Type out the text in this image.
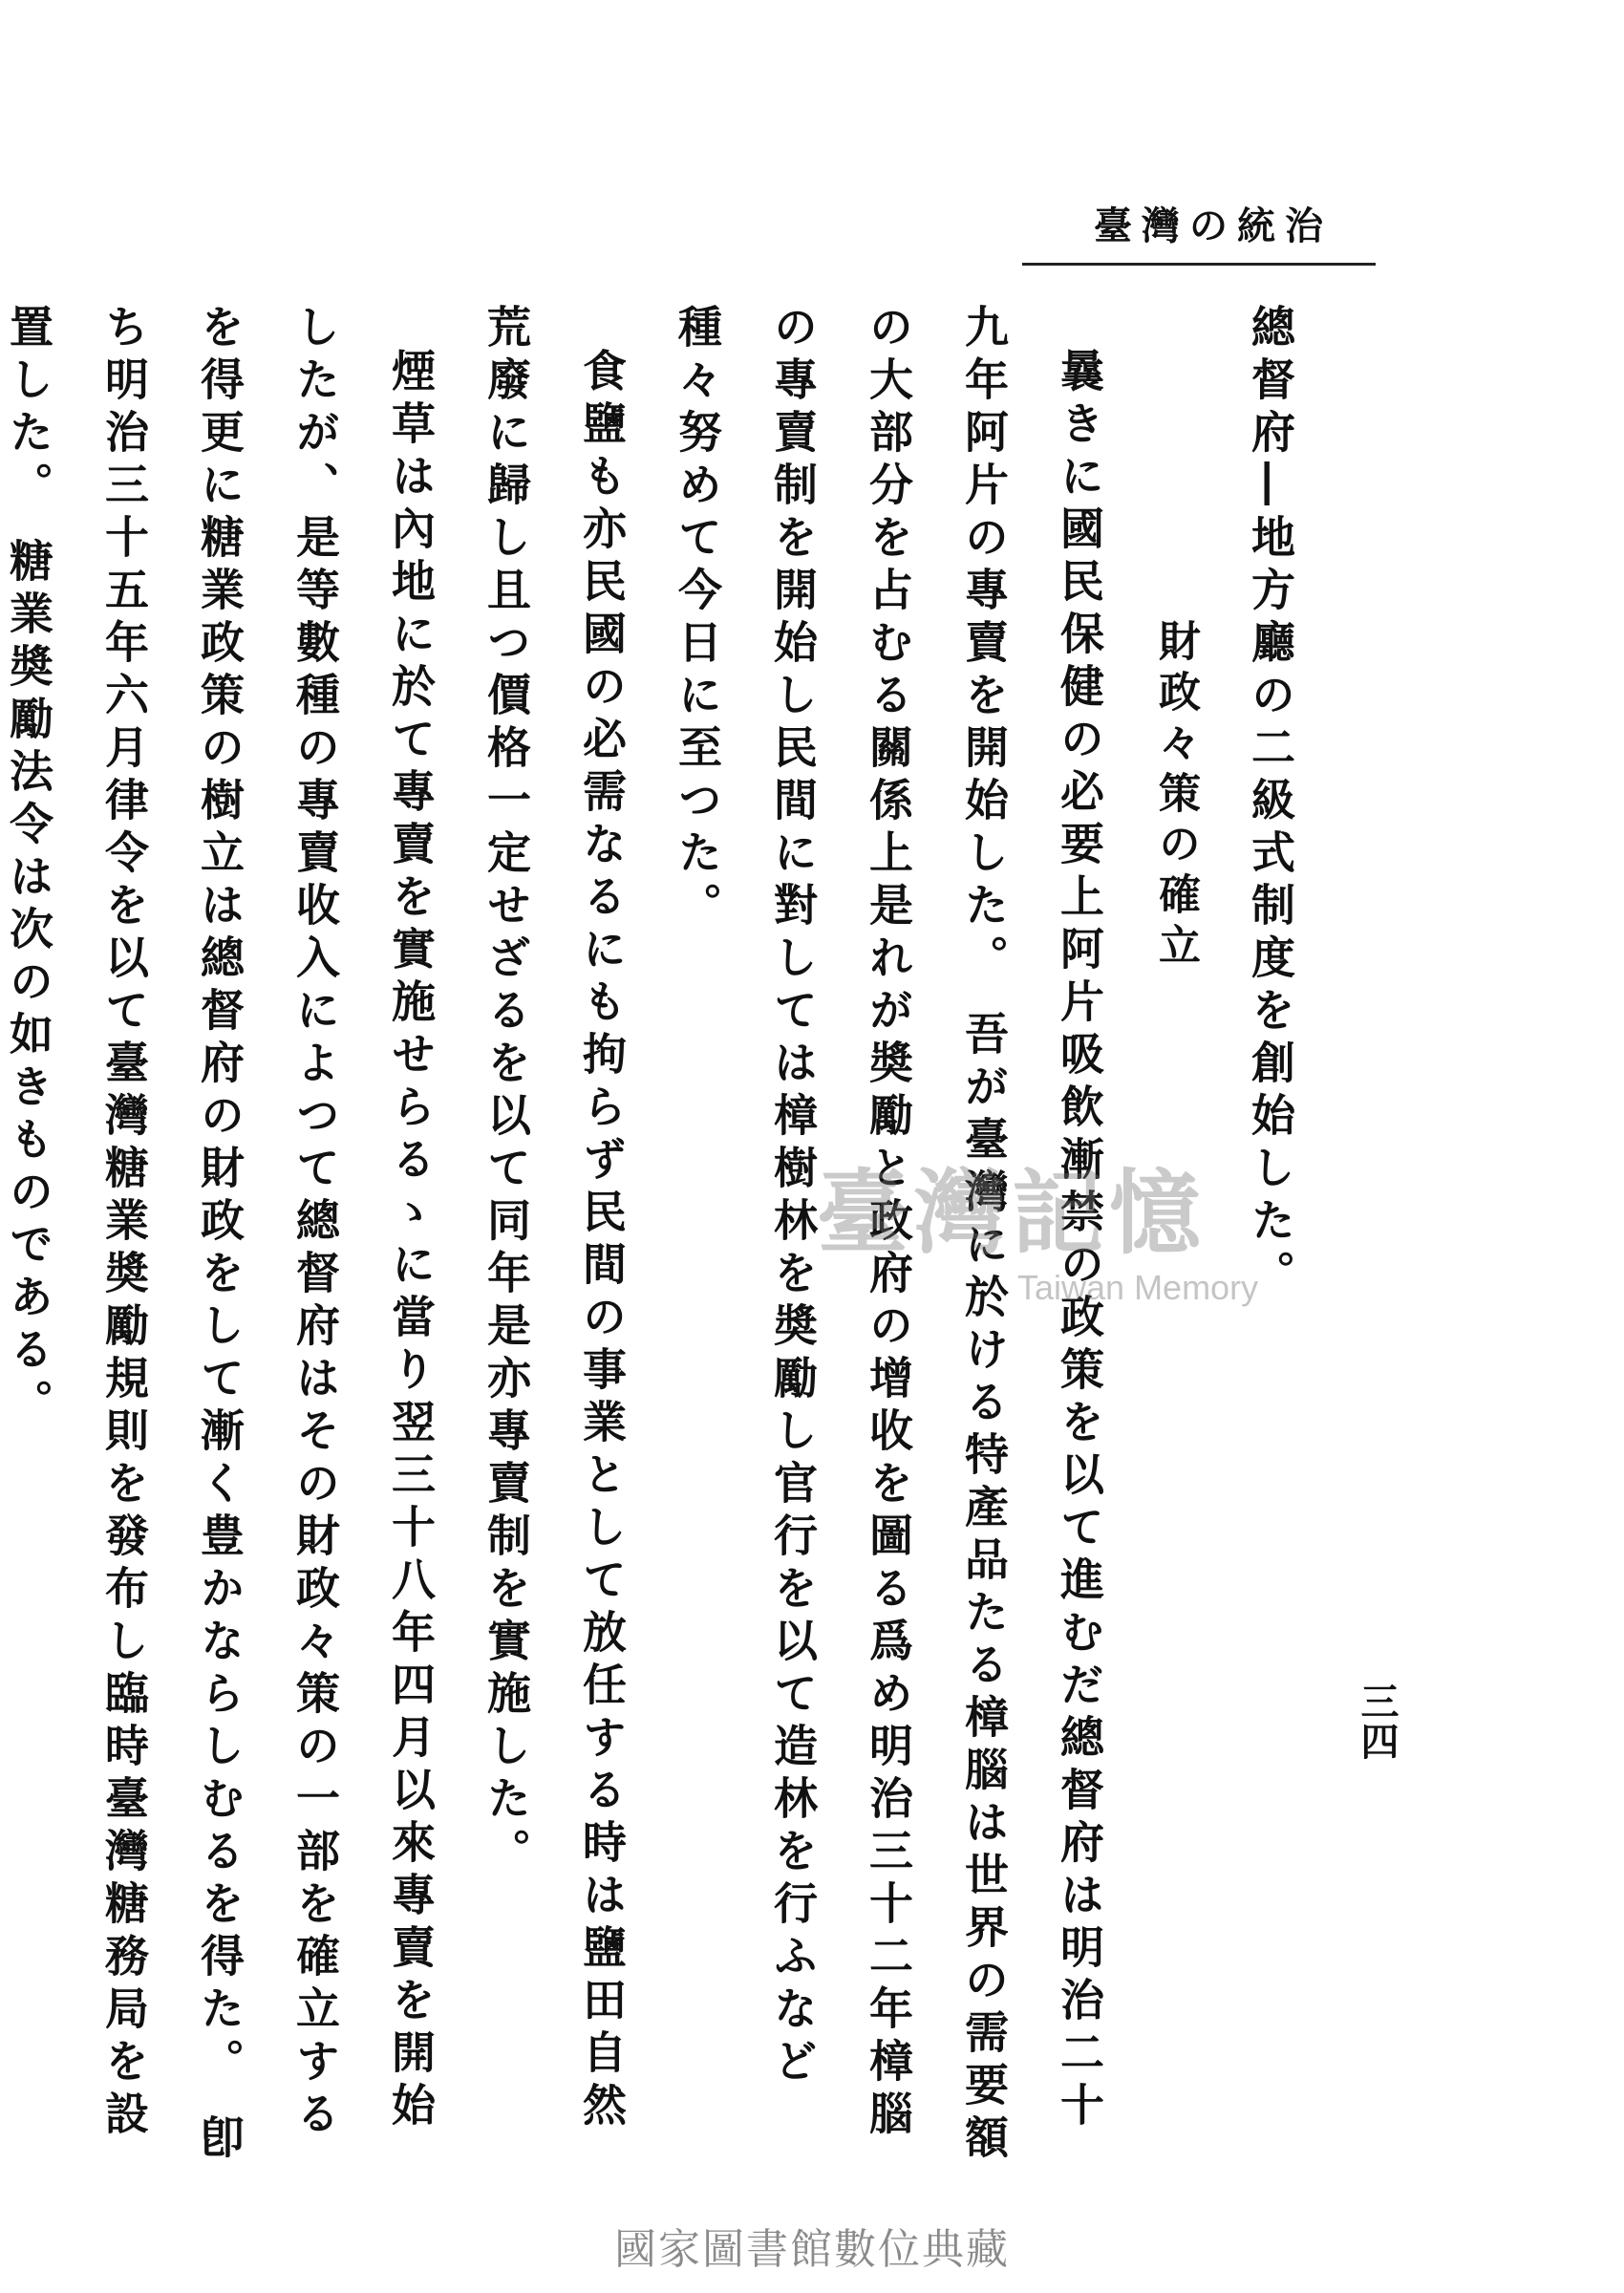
臺灣の統治
三四

總督府―地方廳の二級式制度を創始した。

財政々策の確立

曩きに國民保健の必要上阿片吸飲漸禁の政策を以て進むだ總督府は明治二十九年阿片の專賣を開始した。 吾が臺灣に於ける特產品たる樟腦は世界の需要額の大部分を占むる關係上是れが奬勵と政府の增收を圖る爲め明治三十二年樟腦の專賣制を開始し民間に對しては樟樹林を奬勵し官行を以て造林を行ふなど種々努めて今日に至つた。

食鹽も亦民國の必需なるにも拘らず民間の事業として放任する時は鹽田自然荒廢に歸し且つ價格一定せざるを以て同年是亦專賣制を實施した。

煙草は內地に於て專賣を實施せらるゝに當り翌三十八年四月以來專賣を開始したが、是等數種の專賣收入によつて總督府はその財政々策の一部を確立するを得更に糖業政策の樹立は總督府の財政をして漸く豊かならしむるを得た。 卽ち明治三十五年六月律令を以て臺灣糖業奬勵規則を發布し臨時臺灣糖務局を設置した。 糖業奬勵法令は次の如きものである。	臺灣記憶
Taiwan Memory
國家圖書館數位典藏
